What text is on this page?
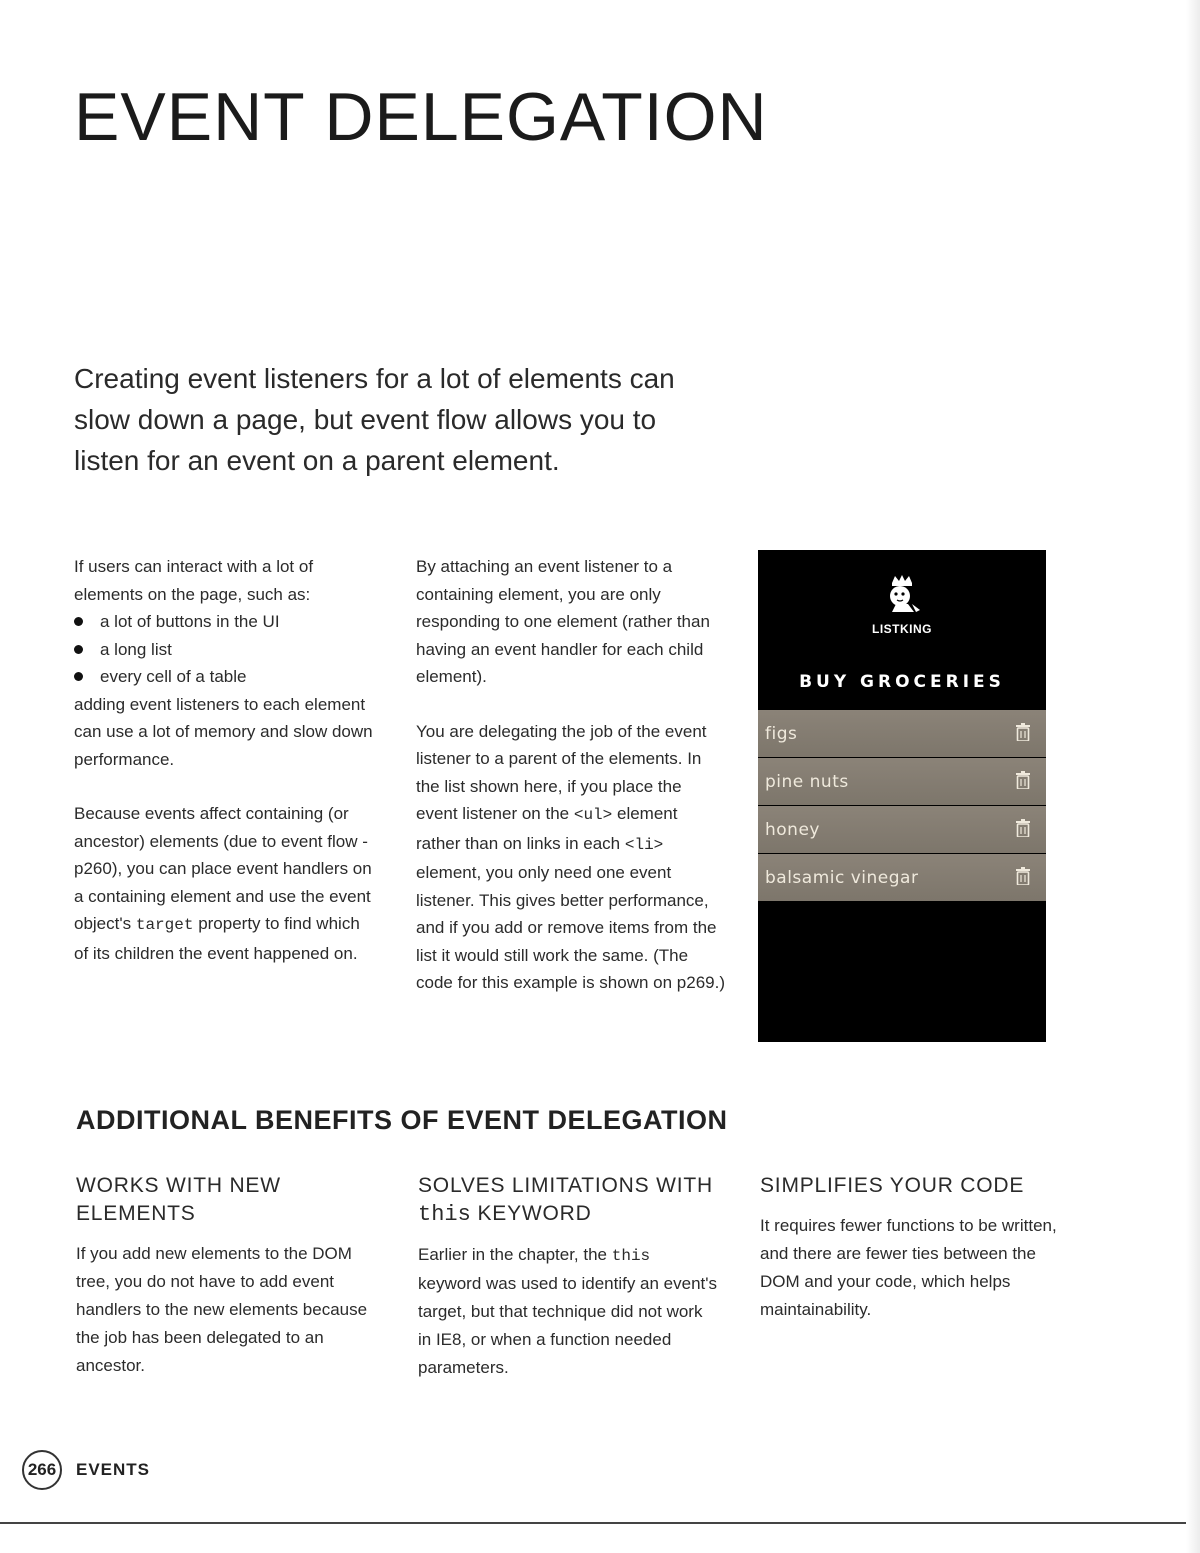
EVENT DELEGATION

Creating event listeners for a lot of elements can slow down a page, but event flow allows you to listen for an event on a parent element.

If users can interact with a lot of elements on the page, such as:
a lot of buttons in the UI
a long list
every cell of a table

adding event listeners to each element can use a lot of memory and slow down performance.

Because events affect containing (or ancestor) elements (due to event flow - p260), you can place event handlers on a containing element and use the event object's target property to find which of its children the event happened on.

By attaching an event listener to a containing element, you are only responding to one element (rather than having an event handler for each child element).

You are delegating the job of the event listener to a parent of the elements. In the list shown here, if you place the event listener on the <ul> element rather than on links in each <li> element, you only need one event listener. This gives better performance, and if you add or remove items from the list it would still work the same. (The code for this example is shown on p269.)

LISTKING
BUY GROCERIES
figs
pine nuts
honey
balsamic vinegar
ADDITIONAL BENEFITS OF EVENT DELEGATION
WORKS WITH NEW ELEMENTS

If you add new elements to the DOM tree, you do not have to add event handlers to the new elements because the job has been delegated to an ancestor.

SOLVES LIMITATIONS WITH this KEYWORD

Earlier in the chapter, the this keyword was used to identify an event's target, but that technique did not work in IE8, or when a function needed parameters.

SIMPLIFIES YOUR CODE

It requires fewer functions to be written, and there are fewer ties between the DOM and your code, which helps maintainability.

266	EVENTS
